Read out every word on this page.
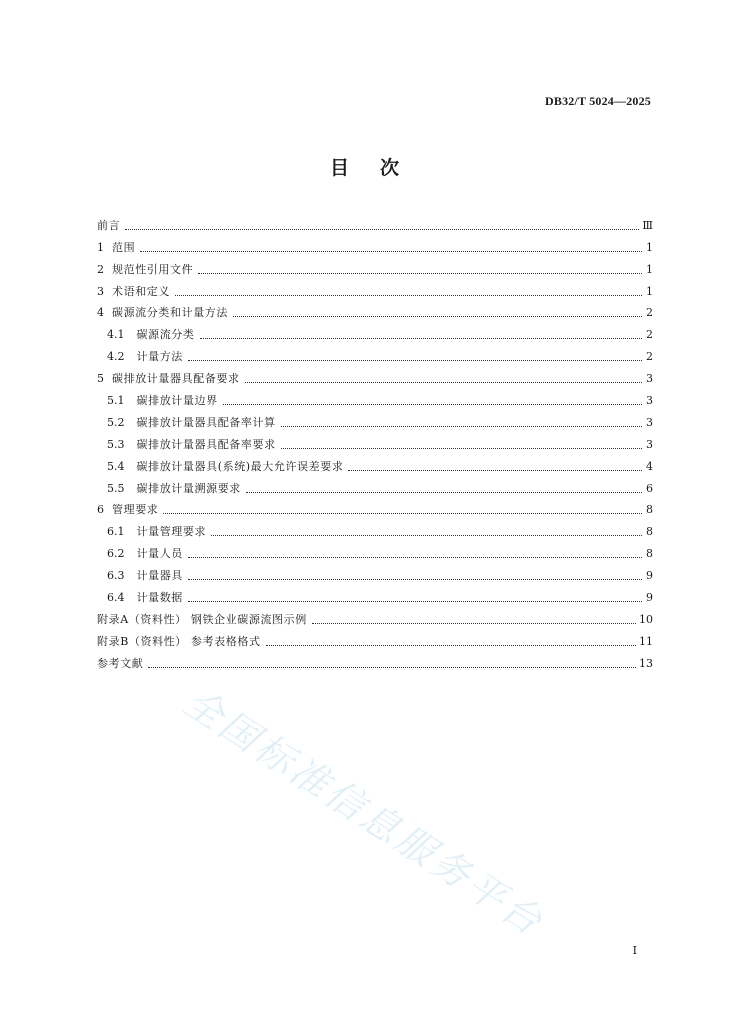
DB32/T 5024—2025
目 次
前言	Ⅲ
1 范围	1
2 规范性引用文件	1
3 术语和定义	1
4 碳源流分类和计量方法	2
4.1 碳源流分类	2
4.2 计量方法	2
5 碳排放计量器具配备要求	3
5.1 碳排放计量边界	3
5.2 碳排放计量器具配备率计算	3
5.3 碳排放计量器具配备率要求	3
5.4 碳排放计量器具(系统)最大允许误差要求	4
5.5 碳排放计量溯源要求	6
6 管理要求	8
6.1 计量管理要求	8
6.2 计量人员	8
6.3 计量器具	9
6.4 计量数据	9
附录A（资料性） 钢铁企业碳源流图示例	10
附录B（资料性） 参考表格格式	11
参考文献	13
全国标准信息服务平台
I
